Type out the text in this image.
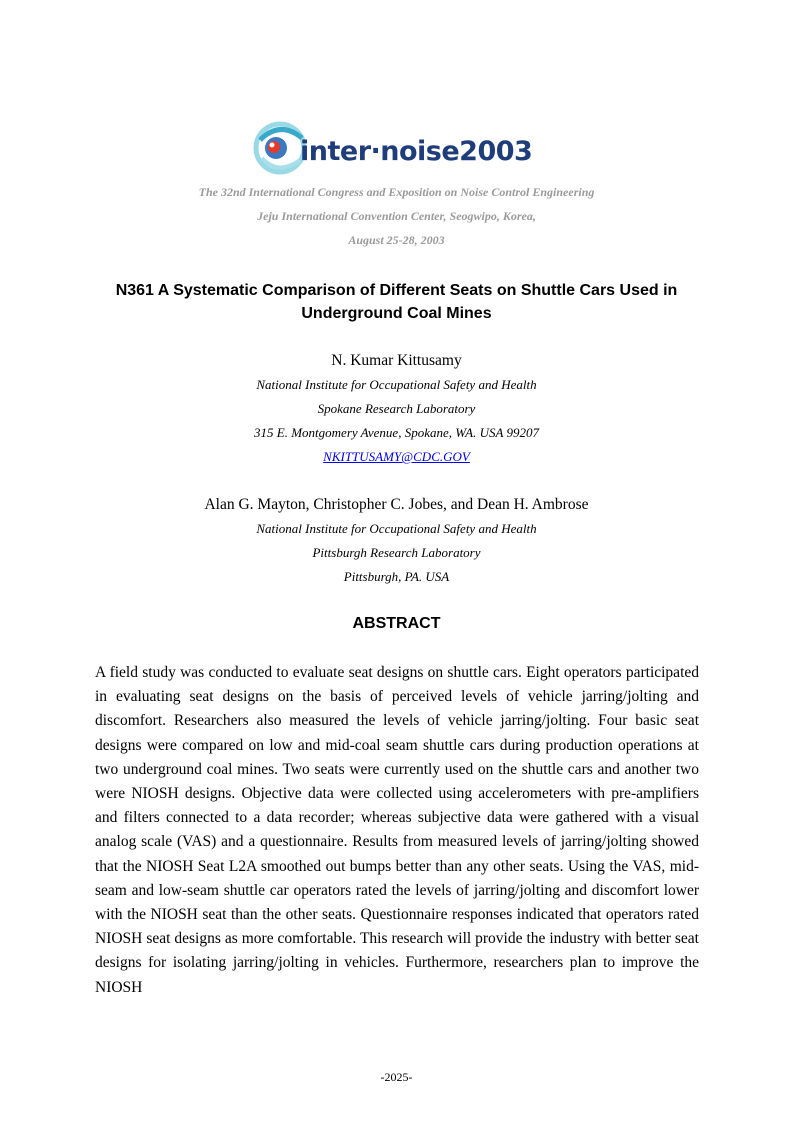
inter·noise2003
The 32nd International Congress and Exposition on Noise Control Engineering
Jeju International Convention Center, Seogwipo, Korea,
August 25-28, 2003
N361 A Systematic Comparison of Different Seats on Shuttle Cars Used in
Underground Coal Mines
N. Kumar Kittusamy
National Institute for Occupational Safety and Health
Spokane Research Laboratory
315 E. Montgomery Avenue, Spokane, WA. USA 99207
NKITTUSAMY@CDC.GOV
Alan G. Mayton, Christopher C. Jobes, and Dean H. Ambrose
National Institute for Occupational Safety and Health
Pittsburgh Research Laboratory
Pittsburgh, PA. USA
ABSTRACT

A field study was conducted to evaluate seat designs on shuttle cars. Eight operators participated in evaluating seat designs on the basis of perceived levels of vehicle jarring/jolting and discomfort. Researchers also measured the levels of vehicle jarring/jolting. Four basic seat designs were compared on low and mid-coal seam shuttle cars during production operations at two underground coal mines. Two seats were currently used on the shuttle cars and another two were NIOSH designs. Objective data were collected using accelerometers with pre-amplifiers and filters connected to a data recorder; whereas subjective data were gathered with a visual analog scale (VAS) and a questionnaire. Results from measured levels of jarring/jolting showed that the NIOSH Seat L2A smoothed out bumps better than any other seats. Using the VAS, mid-seam and low-seam shuttle car operators rated the levels of jarring/jolting and discomfort lower with the NIOSH seat than the other seats. Questionnaire responses indicated that operators rated NIOSH seat designs as more comfortable. This research will provide the industry with better seat designs for isolating jarring/jolting in vehicles. Furthermore, researchers plan to improve the NIOSH

-2025-
